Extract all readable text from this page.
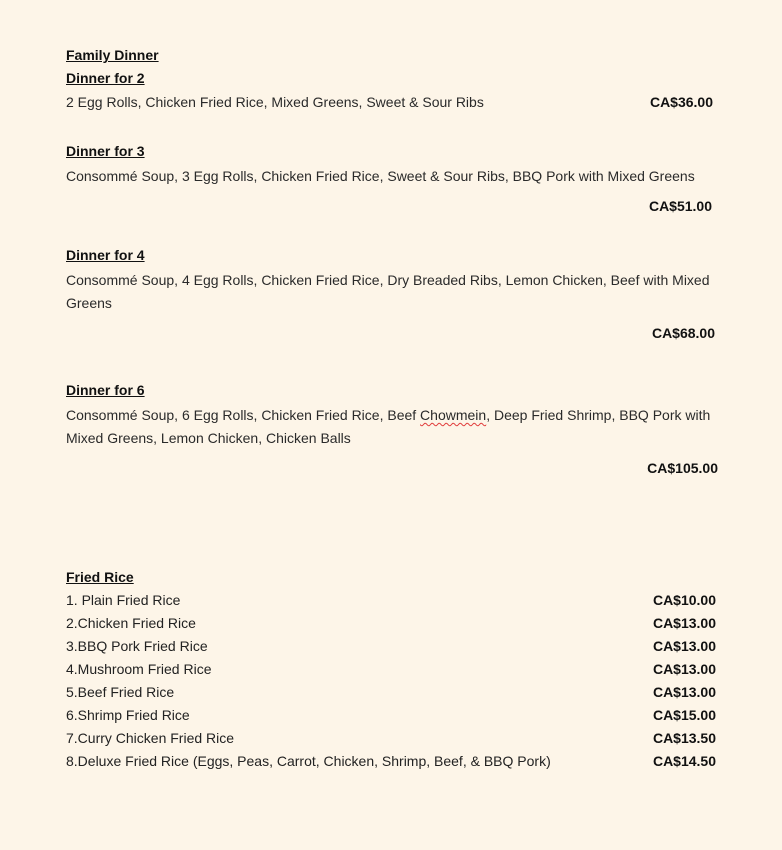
Family Dinner
Dinner for 2
2 Egg Rolls, Chicken Fried Rice, Mixed Greens, Sweet & Sour Ribs	CA$36.00
Dinner for 3
Consommé Soup, 3 Egg Rolls, Chicken Fried Rice, Sweet & Sour Ribs, BBQ Pork with Mixed Greens
CA$51.00
Dinner for 4
Consommé Soup, 4 Egg Rolls, Chicken Fried Rice, Dry Breaded Ribs, Lemon Chicken, Beef with Mixed Greens
CA$68.00
Dinner for 6
Consommé Soup, 6 Egg Rolls, Chicken Fried Rice, Beef Chowmein, Deep Fried Shrimp, BBQ Pork with Mixed Greens, Lemon Chicken, Chicken Balls
CA$105.00
Fried Rice
1. Plain Fried Rice	CA$10.00
2.Chicken Fried Rice	CA$13.00
3.BBQ Pork Fried Rice	CA$13.00
4.Mushroom Fried Rice	CA$13.00
5.Beef Fried Rice	CA$13.00
6.Shrimp Fried Rice	CA$15.00
7.Curry Chicken Fried Rice	CA$13.50
8.Deluxe Fried Rice (Eggs, Peas, Carrot, Chicken, Shrimp, Beef, & BBQ Pork)	CA$14.50
